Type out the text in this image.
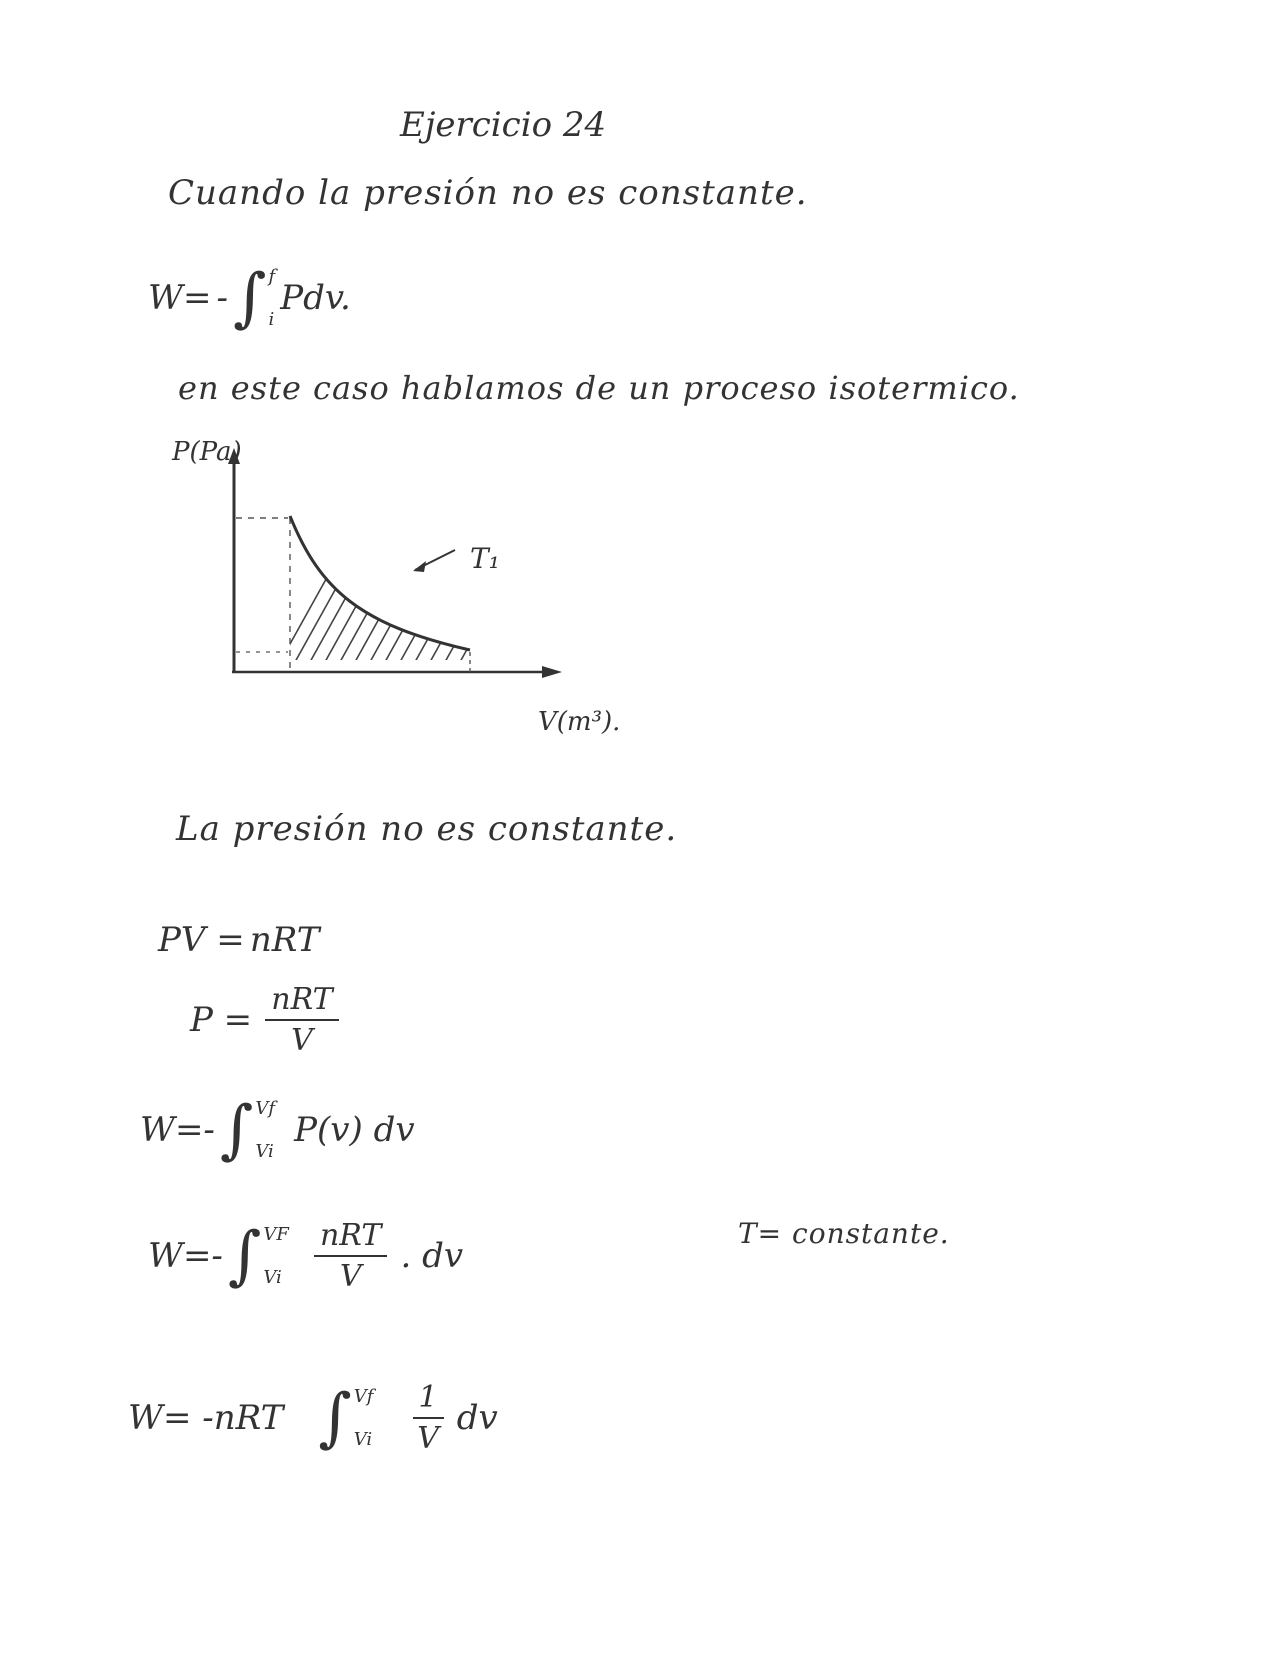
Ejercicio 24
Cuando la presión no es constante.
W= - ∫ f
i
Pdv.
en este caso hablamos de un proceso isotermico.
P(Pa)
V(m³).
T₁
La presión no es constante.
PV = nRT
$P = \frac{\text{nRT}}{V}$
W=- ∫ Vf
Vi
P(v) dv
W=- ∫ VF
Vi
$\frac{\text{nRT}}{V}$ . dv
T= constante.
W= -nRT ∫ Vf
Vi
$\frac{1}{V}$ dv
